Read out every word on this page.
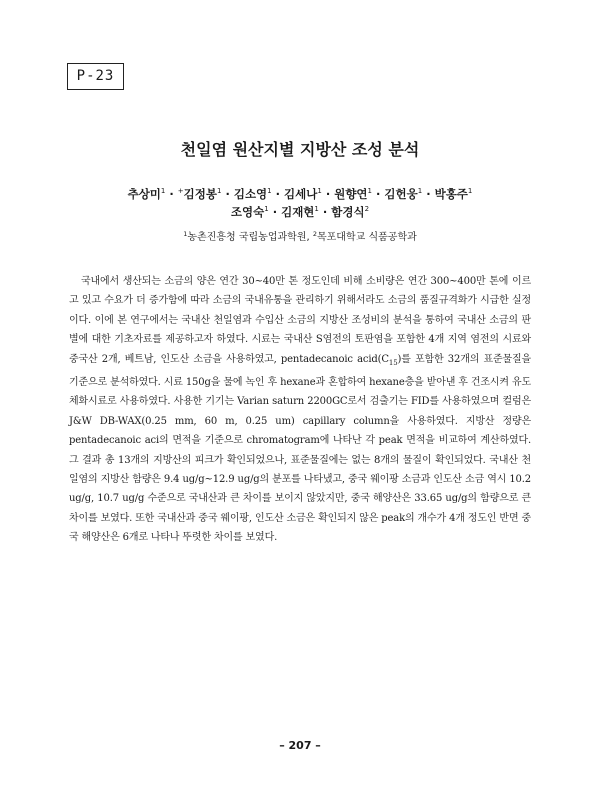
P-23
천일염 원산지별 지방산 조성 분석
추상미$^1$ · +김정봉$^1$ · 김소영$^1$ · 김세나$^1$ · 원향연$^1$ · 김헌웅$^1$ · 박홍주$^1$
조영숙$^1$ · 김재현$^1$ · 함경식$^2$
$^1$농촌진흥청 국립농업과학원, $^2$목포대학교 식품공학과

국내에서 생산되는 소금의 양은 연간 30~40만 톤 정도인데 비해 소비량은 연간 300~400만 톤에 이르고 있고 수요가 더 증가함에 따라 소금의 국내유통을 관리하기 위해서라도 소금의 품질규격화가 시급한 실정이다. 이에 본 연구에서는 국내산 천일염과 수입산 소금의 지방산 조성비의 분석을 통하여 국내산 소금의 판별에 대한 기초자료를 제공하고자 하였다. 시료는 국내산 S염전의 토판염을 포함한 4개 지역 염전의 시료와 중국산 2개, 베트남, 인도산 소금을 사용하였고, pentadecanoic $acid(C_{15})$를 포함한 32개의 표준물질을 기준으로 분석하였다. 시료 150g을 물에 녹인 후 hexane과 혼합하여 hexane층을 받아낸 후 건조시켜 유도체화시료로 사용하였다. 사용한 기기는 Varian saturn 2200GC로서 검출기는 FID를 사용하였으며 컬럼은 J&W DB-WAX(0.25 mm, 60 m, 0.25 um) capillary column을 사용하였다. 지방산 정량은 pentadecanoic aci의 면적을 기준으로 chromatogram에 나타난 각 peak 면적을 비교하여 계산하였다. 그 결과 총 13개의 지방산의 피크가 확인되었으나, 표준물질에는 없는 8개의 물질이 확인되었다. 국내산 천일염의 지방산 함량은 9.4 ug/g~12.9 ug/g의 분포를 나타냈고, 중국 웨이팡 소금과 인도산 소금 역시 10.2 ug/g, 10.7 ug/g 수준으로 국내산과 큰 차이를 보이지 않았지만, 중국 해양산은 33.65 ug/g의 함량으로 큰 차이를 보였다. 또한 국내산과 중국 웨이팡, 인도산 소금은 확인되지 않은 peak의 개수가 4개 정도인 반면 중국 해양산은 6개로 나타나 뚜렷한 차이를 보였다.

– 207 –
